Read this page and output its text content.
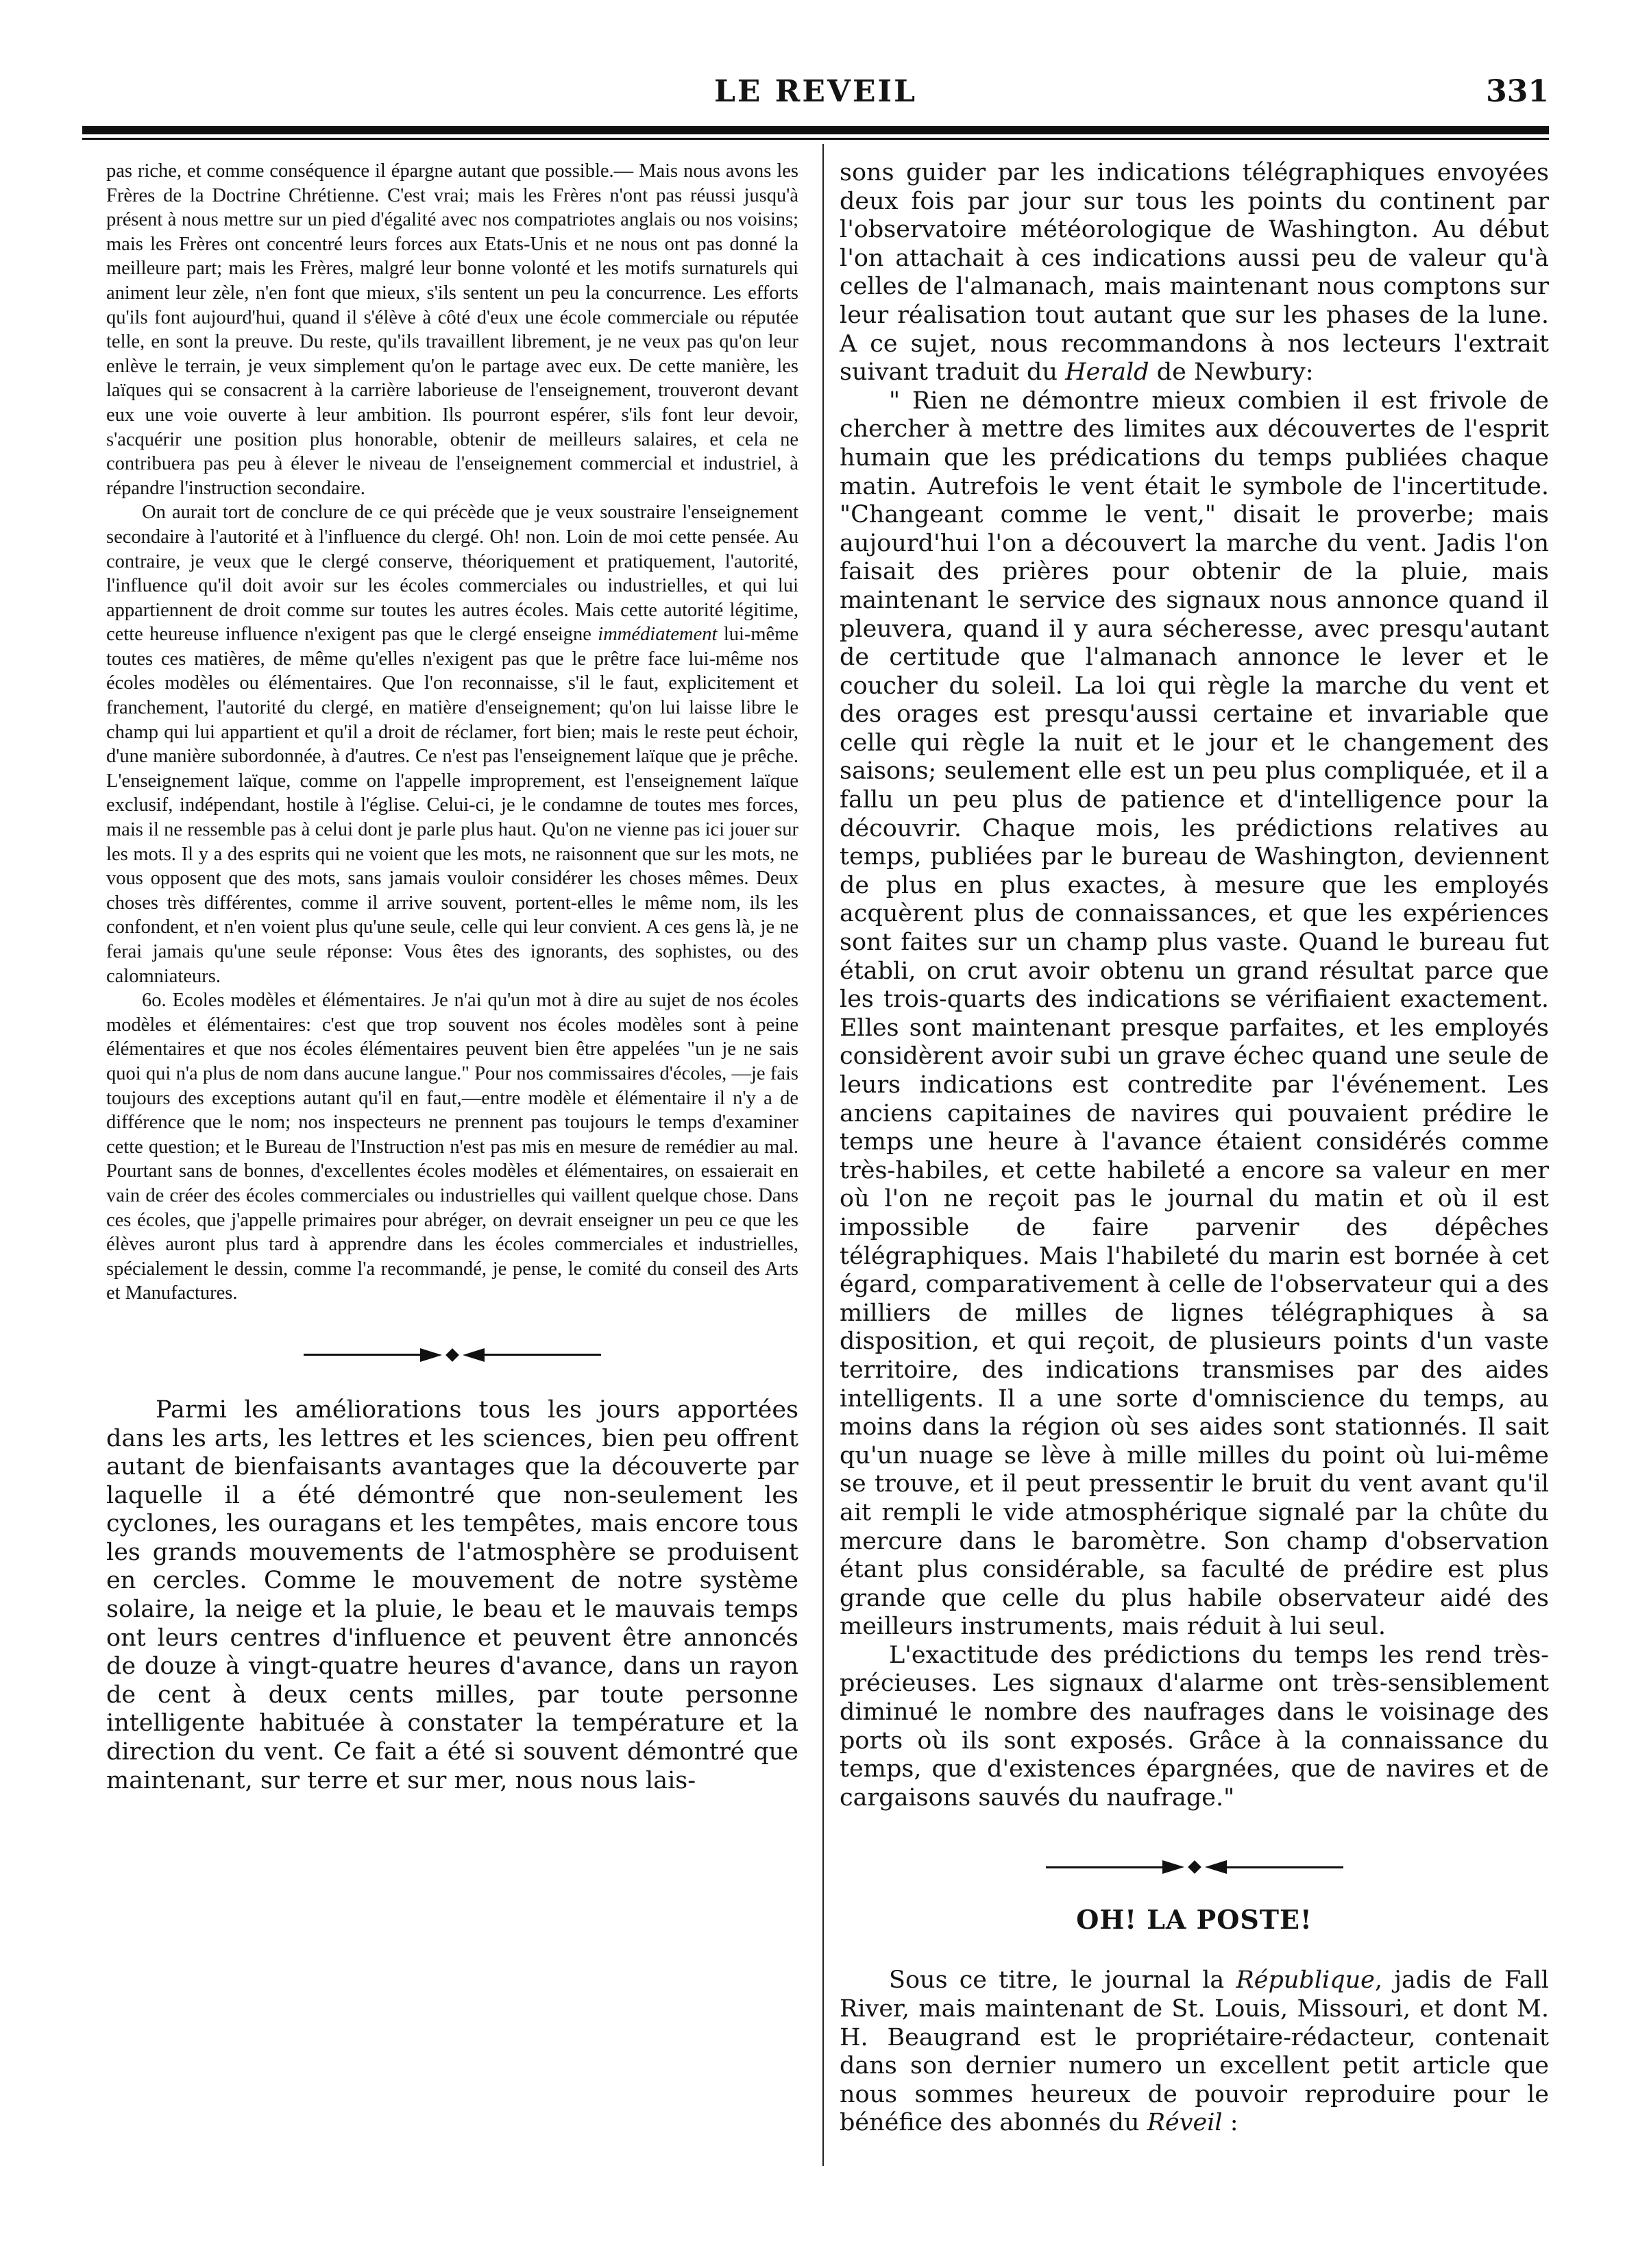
LE REVEIL	331

pas riche, et comme conséquence il épargne autant que possible.— Mais nous avons les Frères de la Doctrine Chrétienne. C'est vrai; mais les Frères n'ont pas réussi jusqu'à présent à nous mettre sur un pied d'égalité avec nos compatriotes anglais ou nos voisins; mais les Frères ont concentré leurs forces aux Etats-Unis et ne nous ont pas donné la meilleure part; mais les Frères, malgré leur bonne volonté et les motifs surnaturels qui animent leur zèle, n'en font que mieux, s'ils sentent un peu la concurrence. Les efforts qu'ils font aujourd'hui, quand il s'élève à côté d'eux une école commerciale ou réputée telle, en sont la preuve. Du reste, qu'ils travaillent librement, je ne veux pas qu'on leur enlève le terrain, je veux simplement qu'on le partage avec eux. De cette manière, les laïques qui se consacrent à la carrière laborieuse de l'enseignement, trouveront devant eux une voie ouverte à leur ambition. Ils pourront espérer, s'ils font leur devoir, s'acquérir une position plus honorable, obtenir de meilleurs salaires, et cela ne contribuera pas peu à élever le niveau de l'enseignement commercial et industriel, à répandre l'instruction secondaire.

On aurait tort de conclure de ce qui précède que je veux soustraire l'enseignement secondaire à l'autorité et à l'influence du clergé. Oh! non. Loin de moi cette pensée. Au contraire, je veux que le clergé conserve, théoriquement et pratiquement, l'autorité, l'influence qu'il doit avoir sur les écoles commerciales ou industrielles, et qui lui appartiennent de droit comme sur toutes les autres écoles. Mais cette autorité légitime, cette heureuse influence n'exigent pas que le clergé enseigne immédiatement lui-même toutes ces matières, de même qu'elles n'exigent pas que le prêtre face lui-même nos écoles modèles ou élémentaires. Que l'on reconnaisse, s'il le faut, explicitement et franchement, l'autorité du clergé, en matière d'enseignement; qu'on lui laisse libre le champ qui lui appartient et qu'il a droit de réclamer, fort bien; mais le reste peut échoir, d'une manière subordonnée, à d'autres. Ce n'est pas l'enseignement laïque que je prêche. L'enseignement laïque, comme on l'appelle improprement, est l'enseignement laïque exclusif, indépendant, hostile à l'église. Celui-ci, je le condamne de toutes mes forces, mais il ne ressemble pas à celui dont je parle plus haut. Qu'on ne vienne pas ici jouer sur les mots. Il y a des esprits qui ne voient que les mots, ne raisonnent que sur les mots, ne vous opposent que des mots, sans jamais vouloir considérer les choses mêmes. Deux choses très différentes, comme il arrive souvent, portent-elles le même nom, ils les confondent, et n'en voient plus qu'une seule, celle qui leur convient. A ces gens là, je ne ferai jamais qu'une seule réponse: Vous êtes des ignorants, des sophistes, ou des calomniateurs.

6o. Ecoles modèles et élémentaires. Je n'ai qu'un mot à dire au sujet de nos écoles modèles et élémentaires: c'est que trop souvent nos écoles modèles sont à peine élémentaires et que nos écoles élémentaires peuvent bien être appelées "un je ne sais quoi qui n'a plus de nom dans aucune langue." Pour nos commissaires d'écoles, —je fais toujours des exceptions autant qu'il en faut,—entre modèle et élémentaire il n'y a de différence que le nom; nos inspecteurs ne prennent pas toujours le temps d'examiner cette question; et le Bureau de l'Instruction n'est pas mis en mesure de remédier au mal. Pourtant sans de bonnes, d'excellentes écoles modèles et élémentaires, on essaierait en vain de créer des écoles commerciales ou industrielles qui vaillent quelque chose. Dans ces écoles, que j'appelle primaires pour abréger, on devrait enseigner un peu ce que les élèves auront plus tard à apprendre dans les écoles commerciales et industrielles, spécialement le dessin, comme l'a recommandé, je pense, le comité du conseil des Arts et Manufactures.

Parmi les améliorations tous les jours apportées dans les arts, les lettres et les sciences, bien peu offrent autant de bienfaisants avantages que la découverte par laquelle il a été démontré que non-seulement les cyclones, les ouragans et les tempêtes, mais encore tous les grands mouvements de l'atmosphère se produisent en cercles. Comme le mouvement de notre système solaire, la neige et la pluie, le beau et le mauvais temps ont leurs centres d'influence et peuvent être annoncés de douze à vingt-quatre heures d'avance, dans un rayon de cent à deux cents milles, par toute personne intelligente habituée à constater la température et la direction du vent. Ce fait a été si souvent démontré que maintenant, sur terre et sur mer, nous nous lais-

sons guider par les indications télégraphiques envoyées deux fois par jour sur tous les points du continent par l'observatoire météorologique de Washington. Au début l'on attachait à ces indications aussi peu de valeur qu'à celles de l'almanach, mais maintenant nous comptons sur leur réalisation tout autant que sur les phases de la lune. A ce sujet, nous recommandons à nos lecteurs l'extrait suivant traduit du Herald de Newbury:

" Rien ne démontre mieux combien il est frivole de chercher à mettre des limites aux découvertes de l'esprit humain que les prédications du temps publiées chaque matin. Autrefois le vent était le symbole de l'incertitude. "Changeant comme le vent," disait le proverbe; mais aujourd'hui l'on a découvert la marche du vent. Jadis l'on faisait des prières pour obtenir de la pluie, mais maintenant le service des signaux nous annonce quand il pleuvera, quand il y aura sécheresse, avec presqu'autant de certitude que l'almanach annonce le lever et le coucher du soleil. La loi qui règle la marche du vent et des orages est presqu'aussi certaine et invariable que celle qui règle la nuit et le jour et le changement des saisons; seulement elle est un peu plus compliquée, et il a fallu un peu plus de patience et d'intelligence pour la découvrir. Chaque mois, les prédictions relatives au temps, publiées par le bureau de Washington, deviennent de plus en plus exactes, à mesure que les employés acquèrent plus de connaissances, et que les expériences sont faites sur un champ plus vaste. Quand le bureau fut établi, on crut avoir obtenu un grand résultat parce que les trois-quarts des indications se vérifiaient exactement. Elles sont maintenant presque parfaites, et les employés considèrent avoir subi un grave échec quand une seule de leurs indications est contredite par l'événement. Les anciens capitaines de navires qui pouvaient prédire le temps une heure à l'avance étaient considérés comme très-habiles, et cette habileté a encore sa valeur en mer où l'on ne reçoit pas le journal du matin et où il est impossible de faire parvenir des dépêches télégraphiques. Mais l'habileté du marin est bornée à cet égard, comparativement à celle de l'observateur qui a des milliers de milles de lignes télégraphiques à sa disposition, et qui reçoit, de plusieurs points d'un vaste territoire, des indications transmises par des aides intelligents. Il a une sorte d'omniscience du temps, au moins dans la région où ses aides sont stationnés. Il sait qu'un nuage se lève à mille milles du point où lui-même se trouve, et il peut pressentir le bruit du vent avant qu'il ait rempli le vide atmosphérique signalé par la chûte du mercure dans le baromètre. Son champ d'observation étant plus considérable, sa faculté de prédire est plus grande que celle du plus habile observateur aidé des meilleurs instruments, mais réduit à lui seul.

L'exactitude des prédictions du temps les rend très-précieuses. Les signaux d'alarme ont très-sensiblement diminué le nombre des naufrages dans le voisinage des ports où ils sont exposés. Grâce à la connaissance du temps, que d'existences épargnées, que de navires et de cargaisons sauvés du naufrage."

OH! LA POSTE!

Sous ce titre, le journal la République, jadis de Fall River, mais maintenant de St. Louis, Missouri, et dont M. H. Beaugrand est le propriétaire-rédacteur, contenait dans son dernier numero un excellent petit article que nous sommes heureux de pouvoir reproduire pour le bénéfice des abonnés du Réveil :
